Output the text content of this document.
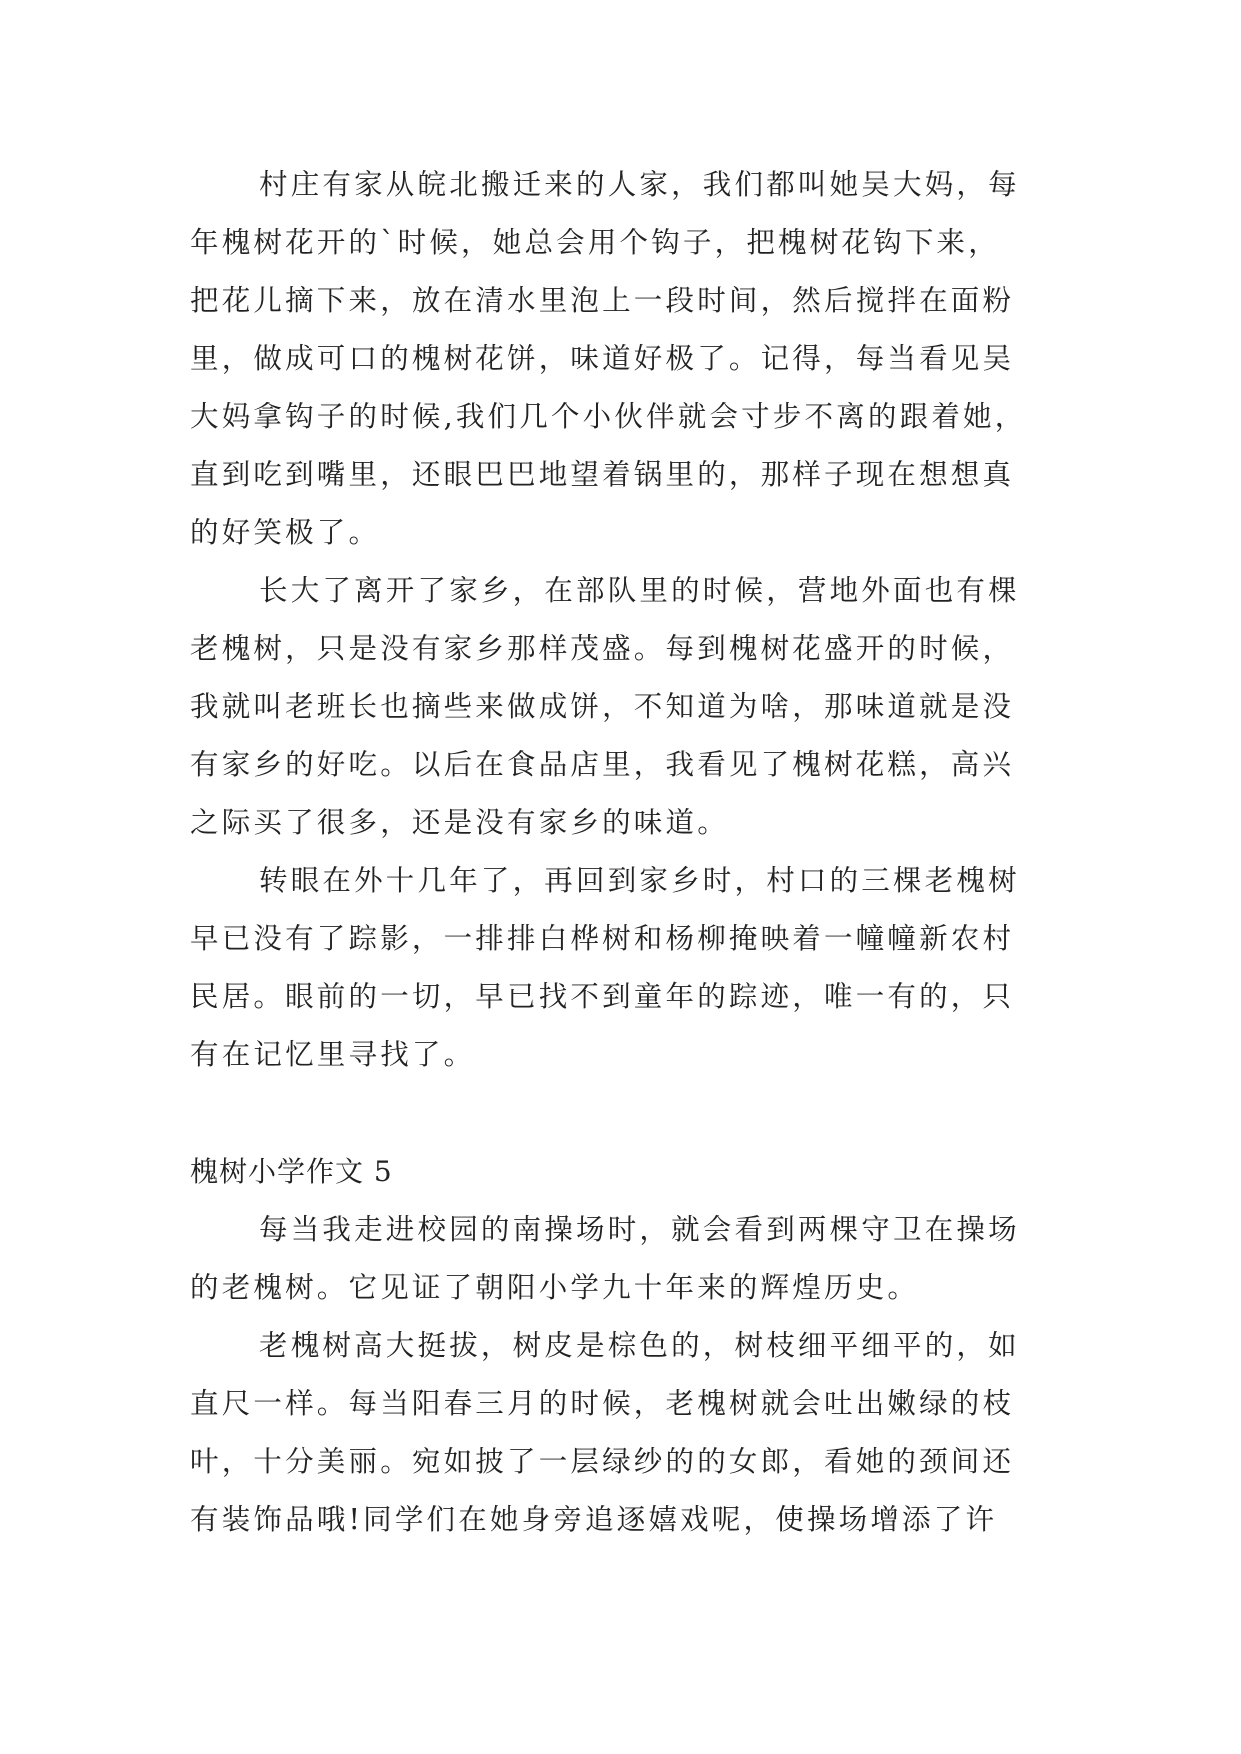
村庄有家从皖北搬迁来的人家，我们都叫她吴大妈，每
年槐树花开的`时候，她总会用个钩子，把槐树花钩下来，
把花儿摘下来，放在清水里泡上一段时间，然后搅拌在面粉
里，做成可口的槐树花饼，味道好极了。记得，每当看见吴
大妈拿钩子的时候,我们几个小伙伴就会寸步不离的跟着她，
直到吃到嘴里，还眼巴巴地望着锅里的，那样子现在想想真
的好笑极了。
长大了离开了家乡，在部队里的时候，营地外面也有棵
老槐树，只是没有家乡那样茂盛。每到槐树花盛开的时候，
我就叫老班长也摘些来做成饼，不知道为啥，那味道就是没
有家乡的好吃。以后在食品店里，我看见了槐树花糕，高兴
之际买了很多，还是没有家乡的味道。
转眼在外十几年了，再回到家乡时，村口的三棵老槐树
早已没有了踪影，一排排白桦树和杨柳掩映着一幢幢新农村
民居。眼前的一切，早已找不到童年的踪迹，唯一有的，只
有在记忆里寻找了。
槐树小学作文 5
每当我走进校园的南操场时，就会看到两棵守卫在操场
的老槐树。它见证了朝阳小学九十年来的辉煌历史。
老槐树高大挺拔，树皮是棕色的，树枝细平细平的，如
直尺一样。每当阳春三月的时候，老槐树就会吐出嫩绿的枝
叶，十分美丽。宛如披了一层绿纱的的女郎，看她的颈间还
有装饰品哦!同学们在她身旁追逐嬉戏呢，使操场增添了许
